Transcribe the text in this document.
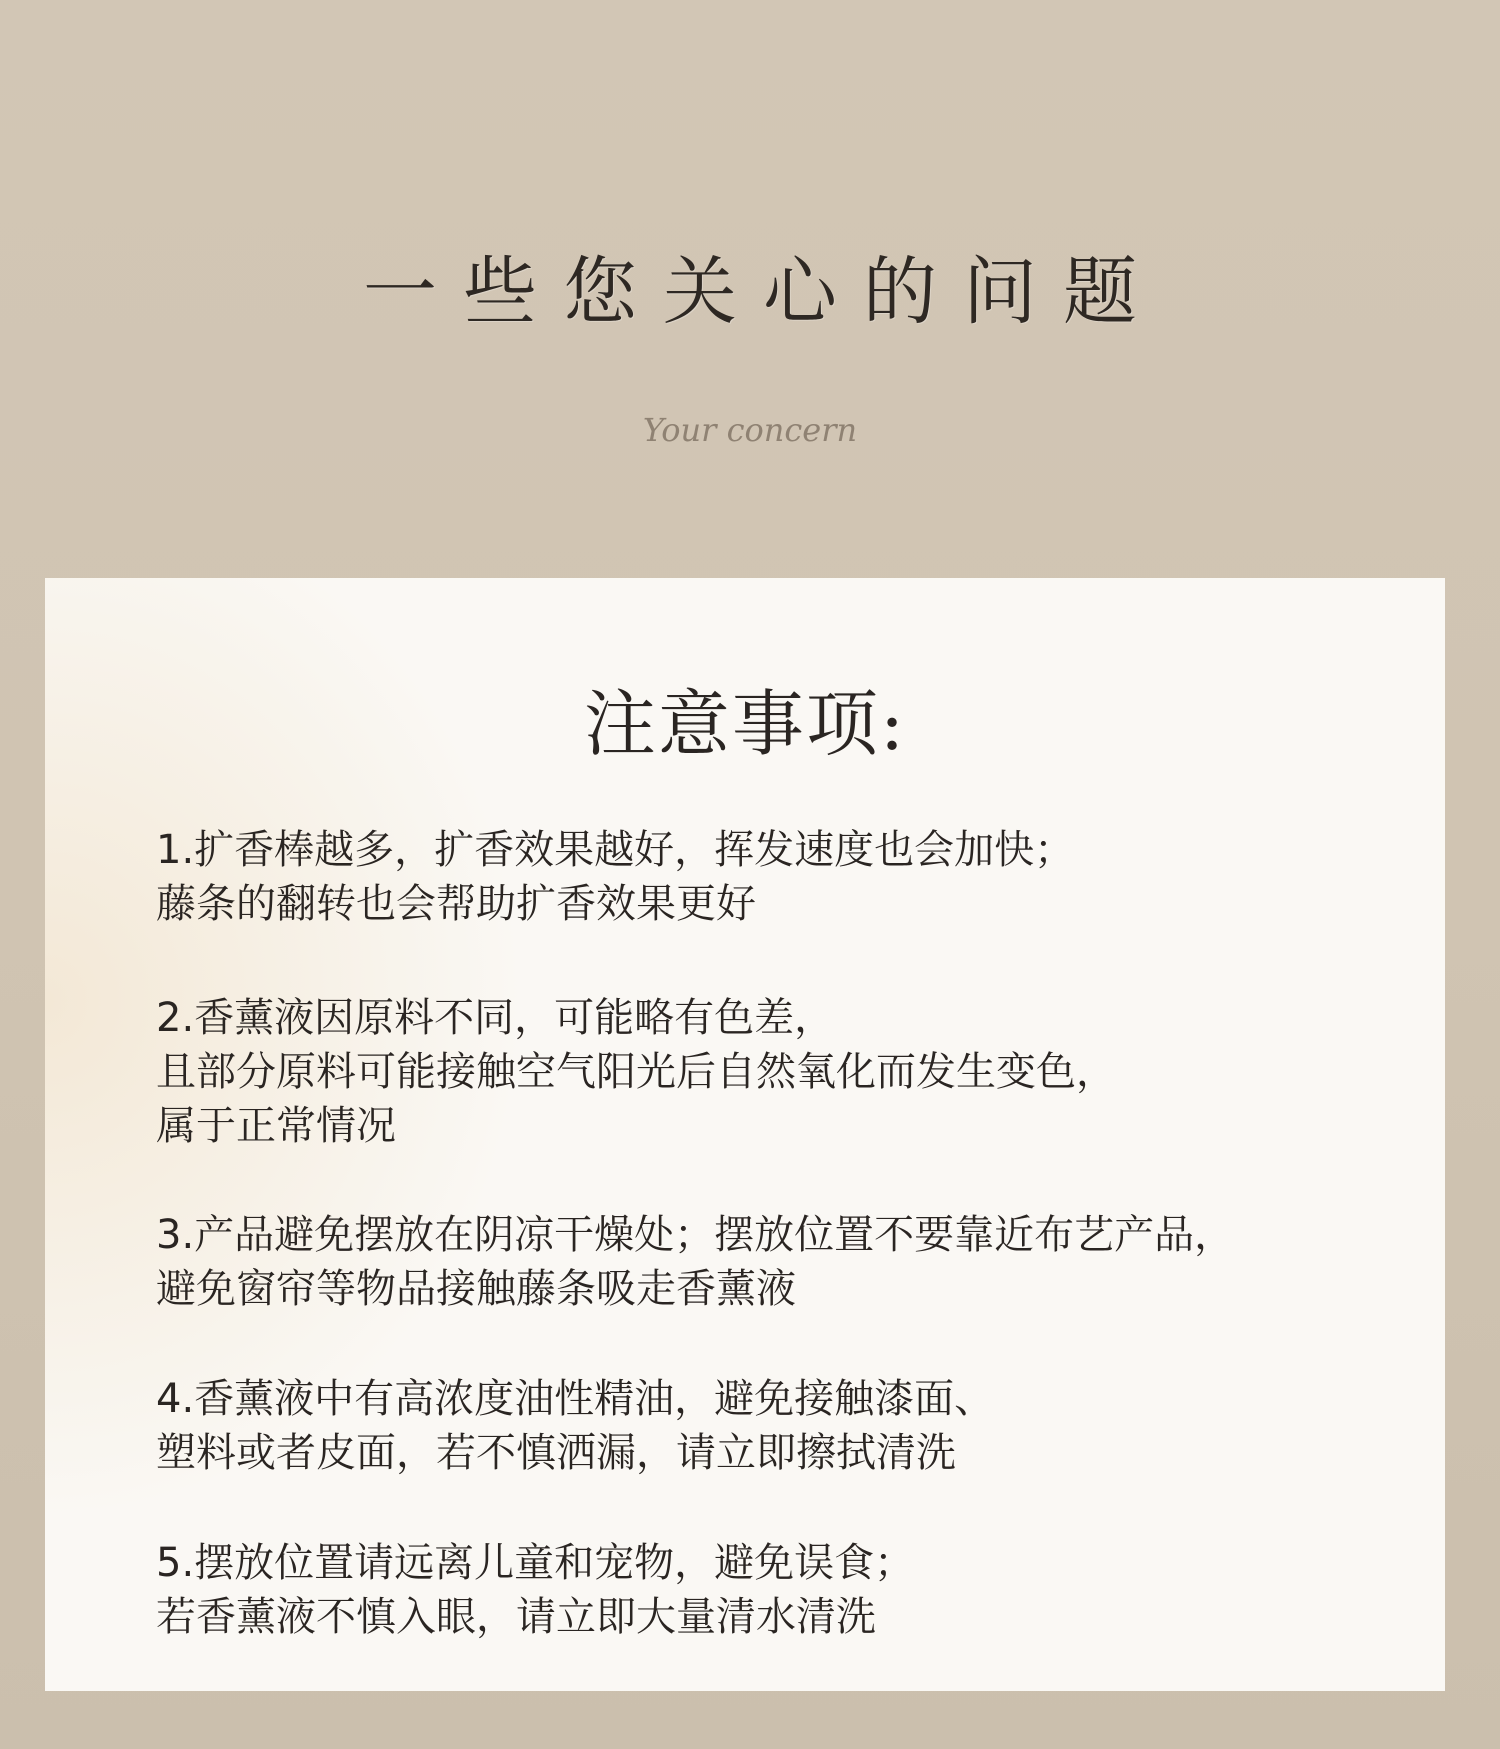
一些您关心的问题
Your concern
注意事项:
1.扩香棒越多，扩香效果越好，挥发速度也会加快；
藤条的翻转也会帮助扩香效果更好
2.香薰液因原料不同，可能略有色差，
且部分原料可能接触空气阳光后自然氧化而发生变色，
属于正常情况
3.产品避免摆放在阴凉干燥处；摆放位置不要靠近布艺产品，
避免窗帘等物品接触藤条吸走香薰液
4.香薰液中有高浓度油性精油，避免接触漆面、
塑料或者皮面，若不慎洒漏，请立即擦拭清洗
5.摆放位置请远离儿童和宠物，避免误食；
若香薰液不慎入眼，请立即大量清水清洗
